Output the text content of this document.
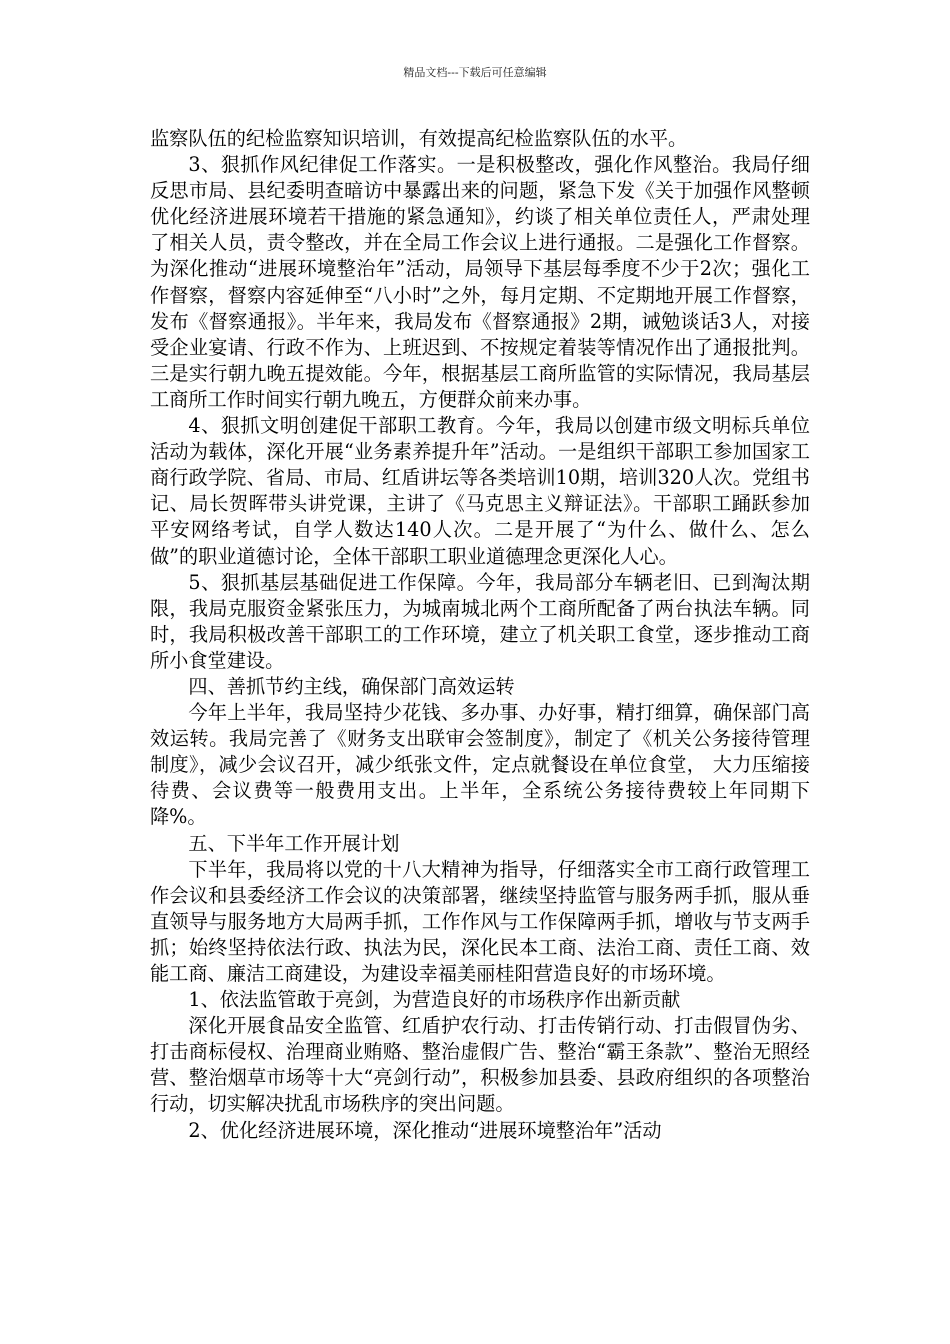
精品文档---下载后可任意编辑

监察队伍的纪检监察知识培训，有效提高纪检监察队伍的水平。

3、狠抓作风纪律促工作落实。一是积极整改，强化作风整治。我局仔细反思市局、县纪委明查暗访中暴露出来的问题，紧急下发《关于加强作风整顿 优化经济进展环境若干措施的紧急通知》，约谈了相关单位责任人，严肃处理了相关人员，责令整改，并在全局工作会议上进行通报。二是强化工作督察。为深化推动“进展环境整治年”活动，局领导下基层每季度不少于2次；强化工作督察，督察内容延伸至“八小时”之外，每月定期、不定期地开展工作督察，发布《督察通报》。半年来，我局发布《督察通报》2期，诫勉谈话3人，对接受企业宴请、行政不作为、上班迟到、不按规定着装等情况作出了通报批判。三是实行朝九晚五提效能。今年，根据基层工商所监管的实际情况，我局基层工商所工作时间实行朝九晚五，方便群众前来办事。

4、狠抓文明创建促干部职工教育。今年，我局以创建市级文明标兵单位活动为载体，深化开展“业务素养提升年”活动。一是组织干部职工参加国家工商行政学院、省局、市局、红盾讲坛等各类培训10期，培训320人次。党组书记、局长贺晖带头讲党课，主讲了《马克思主义辩证法》。干部职工踊跃参加平安网络考试，自学人数达140人次。二是开展了“为什么、做什么、怎么做”的职业道德讨论，全体干部职工职业道德理念更深化人心。

5、狠抓基层基础促进工作保障。今年，我局部分车辆老旧、已到淘汰期限，我局克服资金紧张压力，为城南城北两个工商所配备了两台执法车辆。同时，我局积极改善干部职工的工作环境，建立了机关职工食堂，逐步推动工商所小食堂建设。

四、善抓节约主线，确保部门高效运转

今年上半年，我局坚持少花钱、多办事、办好事，精打细算，确保部门高效运转。我局完善了《财务支出联审会签制度》，制定了《机关公务接待管理制度》，减少会议召开，减少纸张文件，定点就餐设在单位食堂， 大力压缩接待费、会议费等一般费用支出。上半年，全系统公务接待费较上年同期下降%。

五、下半年工作开展计划

下半年，我局将以党的十八大精神为指导，仔细落实全市工商行政管理工作会议和县委经济工作会议的决策部署，继续坚持监管与服务两手抓，服从垂直领导与服务地方大局两手抓，工作作风与工作保障两手抓，增收与节支两手抓；始终坚持依法行政、执法为民，深化民本工商、法治工商、责任工商、效能工商、廉洁工商建设，为建设幸福美丽桂阳营造良好的市场环境。

1、依法监管敢于亮剑，为营造良好的市场秩序作出新贡献

深化开展食品安全监管、红盾护农行动、打击传销行动、打击假冒伪劣、打击商标侵权、治理商业贿赂、整治虚假广告、整治“霸王条款”、整治无照经营、整治烟草市场等十大“亮剑行动”，积极参加县委、县政府组织的各项整治行动，切实解决扰乱市场秩序的突出问题。

2、优化经济进展环境，深化推动“进展环境整治年”活动
